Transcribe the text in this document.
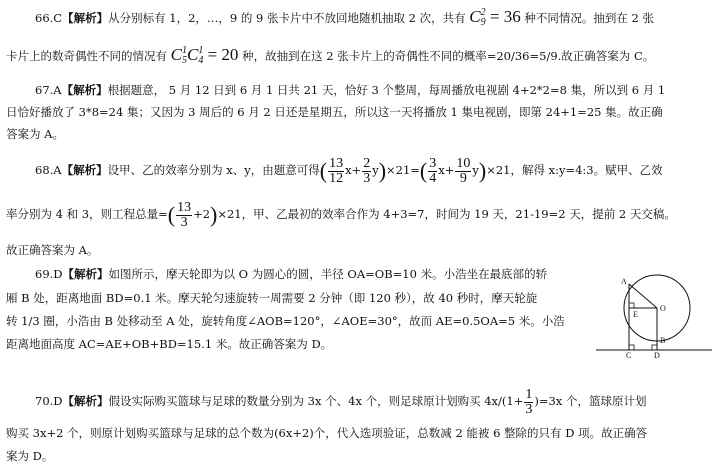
66.C【解析】从分别标有 1，2，…，9 的 9 张卡片中不放回地随机抽取 2 次，共有 C 2
9 = 36 种不同情况。抽到在 2 张
卡片上的数奇偶性不同的情况有 C 1
5 C 1
4 = 20 种，故抽到在这 2 张卡片上的奇偶性不同的概率=20/36=5/9.故正确答案为 C。
67.A【解析】根据题意， 5 月 12 日到 6 月 1 日共 21 天，恰好 3 个整周，每周播放电视剧 4+2*2=8 集，所以到 6 月 1
日恰好播放了 3*8=24 集；又因为 3 周后的 6 月 2 日还是星期五，所以这一天将播放 1 集电视剧，即第 24+1=25 集。故正确
答案为 A。
68.A【解析】设甲、乙的效率分别为 x、y，由题意可得( $\frac{13}{12} x+ \frac{2}{3} y)\times 21=( \frac{3}{4} x+ \frac{10}{9} y)\times 21$，解得 x:y=4:3。赋甲、乙效
率分别为 4 和 3，则工程总量=( $\frac{13}{3} +2)\times 21$，甲、乙最初的效率合作为 4+3=7，时间为 19 天，21-19=2 天，提前 2 天交稿。
故正确答案为 A。
69.D【解析】如图所示，摩天轮即为以 O 为圆心的圆，半径 OA=OB=10 米。小浩坐在最底部的轿
厢 B 处，距离地面 BD=0.1 米。摩天轮匀速旋转一周需要 2 分钟（即 120 秒），故 40 秒时，摩天轮旋
转 1/3 圈，小浩由 B 处移动至 A 处，旋转角度∠AOB=120°，∠AOE=30°，故而 AE=0.5OA=5 米。小浩
距离地面高度 AC=AE+OB+BD=15.1 米。故正确答案为 D。
A
E
O
B
C	D
70.D【解析】假设实际购买篮球与足球的数量分别为 3x 个、4x 个，则足球原计划购买 $4x/(1+ \frac{1}{3} )=3x$ 个，篮球原计划
购买 3x+2 个，则原计划购买篮球与足球的总个数为(6x+2)个，代入选项验证，总数减 2 能被 6 整除的只有 D 项。故正确答
案为 D。
